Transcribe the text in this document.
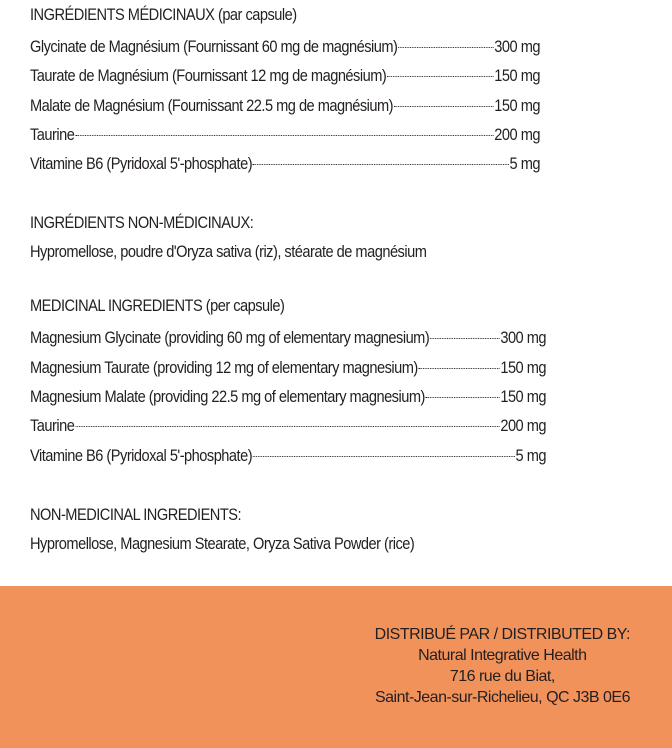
INGRÉDIENTS MÉDICINAUX (par capsule)
Glycinate de Magnésium (Fournissant 60 mg de magnésium)	300 mg
Taurate de Magnésium (Fournissant 12 mg de magnésium)	150 mg
Malate de Magnésium (Fournissant 22.5 mg de magnésium)	150 mg
Taurine	200 mg
Vitamine B6 (Pyridoxal 5'-phosphate)	5 mg
INGRÉDIENTS NON-MÉDICINAUX:
Hypromellose, poudre d'Oryza sativa (riz), stéarate de magnésium
MEDICINAL INGREDIENTS (per capsule)
Magnesium Glycinate (providing 60 mg of elementary magnesium)	300 mg
Magnesium Taurate (providing 12 mg of elementary magnesium)	150 mg
Magnesium Malate (providing 22.5 mg of elementary magnesium)	150 mg
Taurine	200 mg
Vitamine B6 (Pyridoxal 5'-phosphate)	5 mg
NON-MEDICINAL INGREDIENTS:
Hypromellose, Magnesium Stearate, Oryza Sativa Powder (rice)
DISTRIBUÉ PAR / DISTRIBUTED BY:
Natural Integrative Health
716 rue du Biat,
Saint-Jean-sur-Richelieu, QC J3B 0E6
